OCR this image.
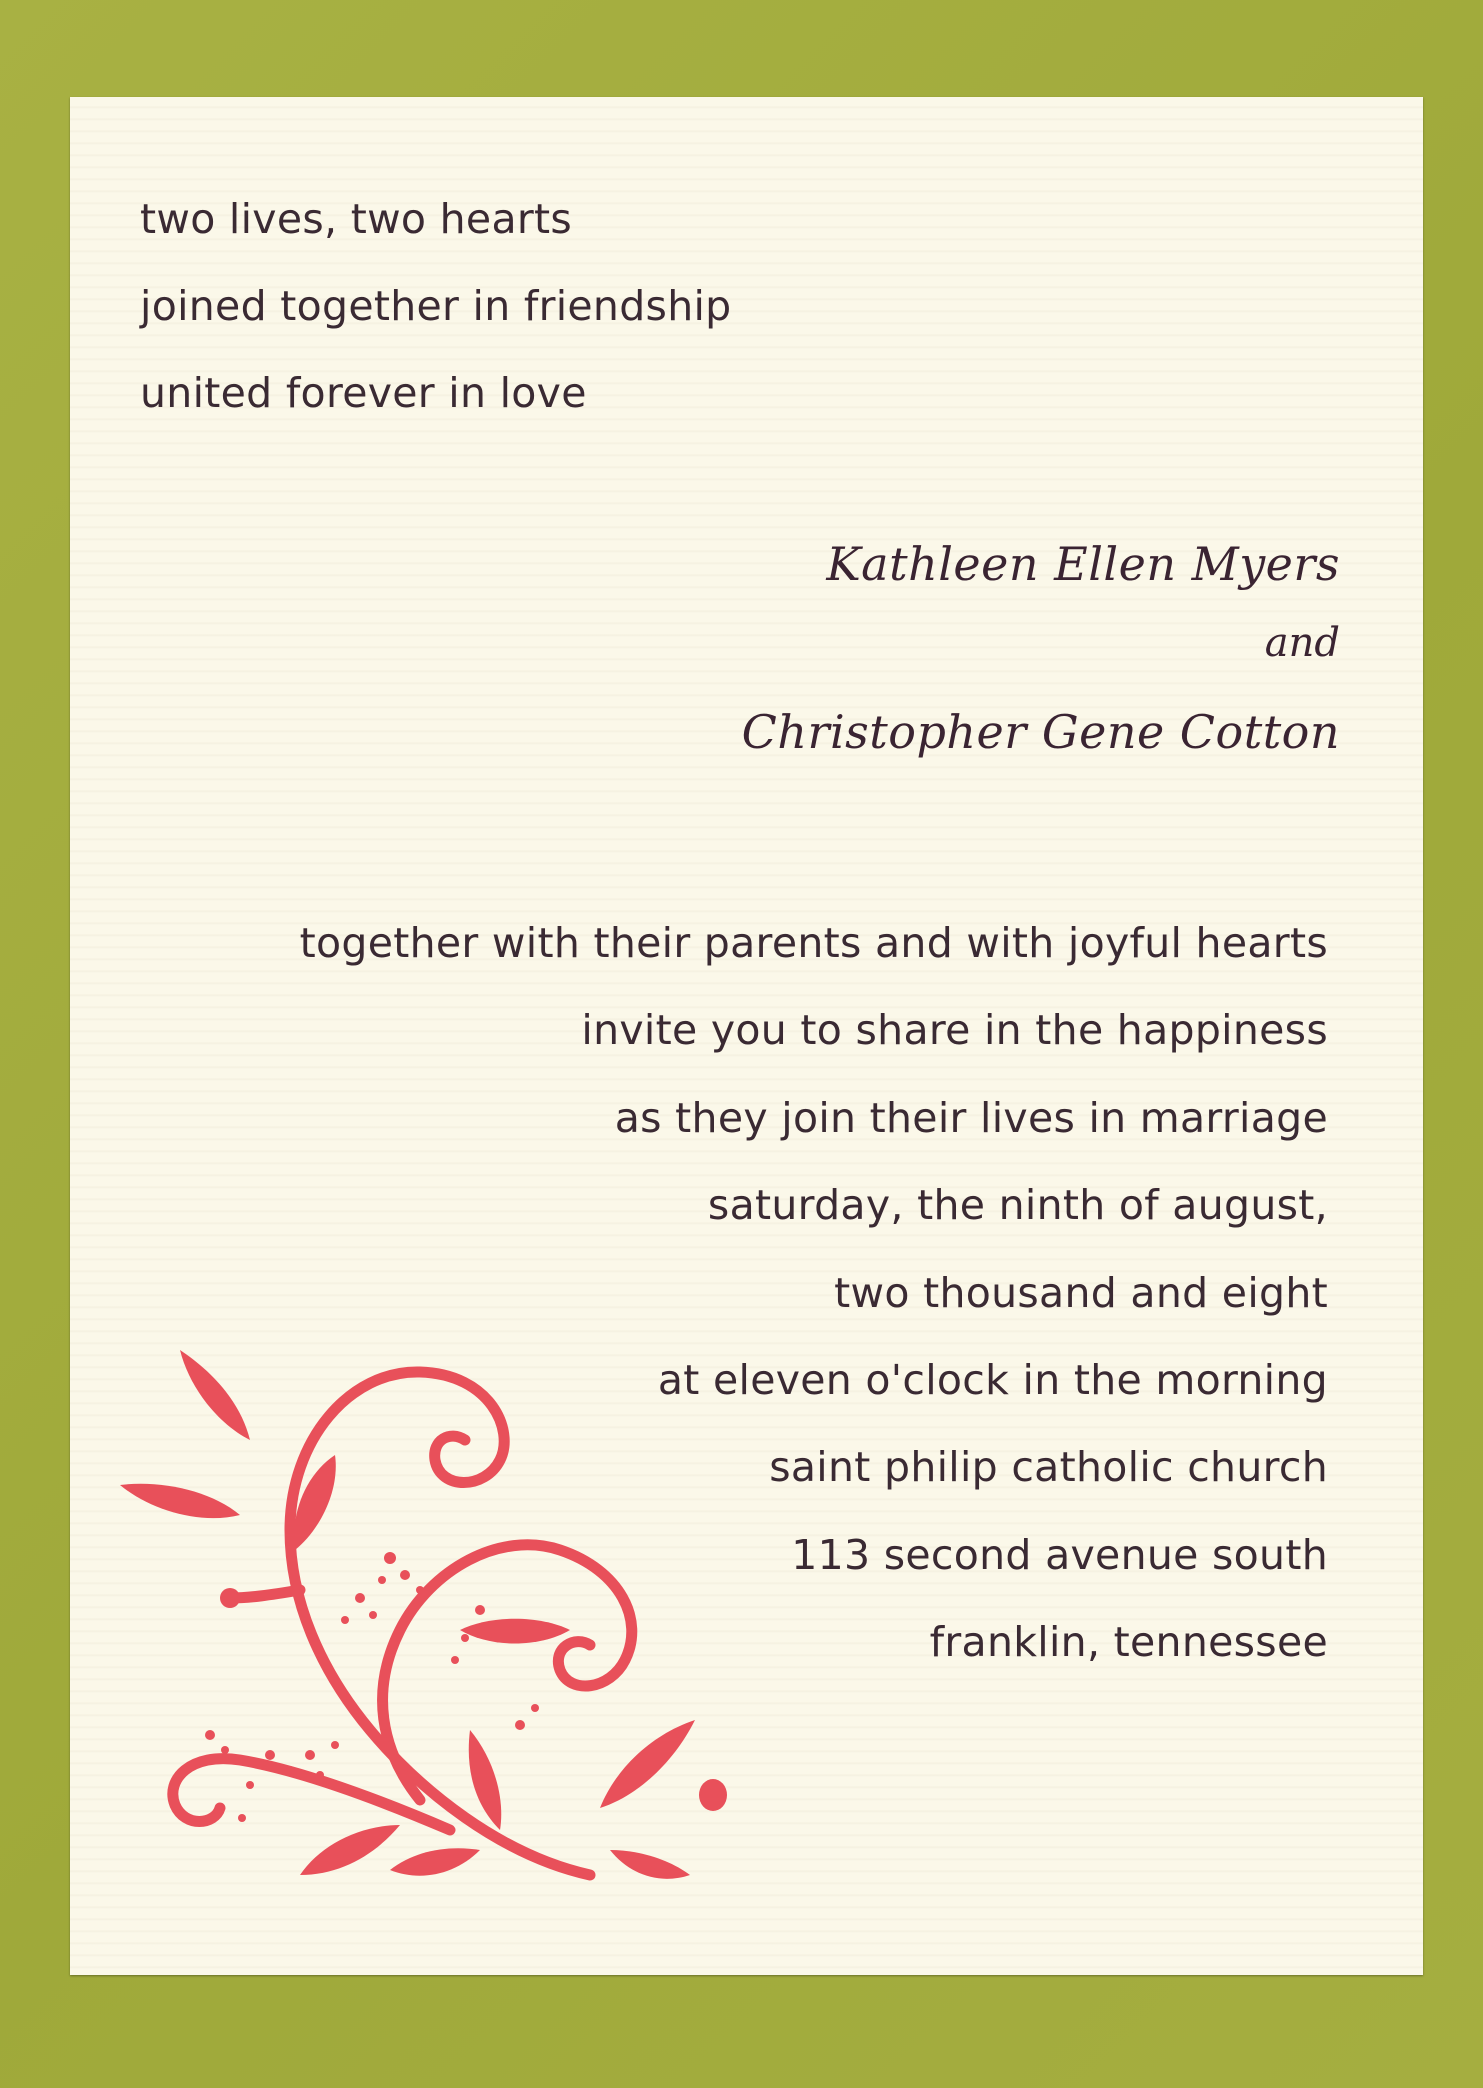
two lives, two hearts
joined together in friendship
united forever in love
Kathleen Ellen Myers
and
Christopher Gene Cotton
together with their parents and with joyful hearts
invite you to share in the happiness
as they join their lives in marriage
saturday, the ninth of august,
two thousand and eight
at eleven o'clock in the morning
saint philip catholic church
113 second avenue south
franklin, tennessee
